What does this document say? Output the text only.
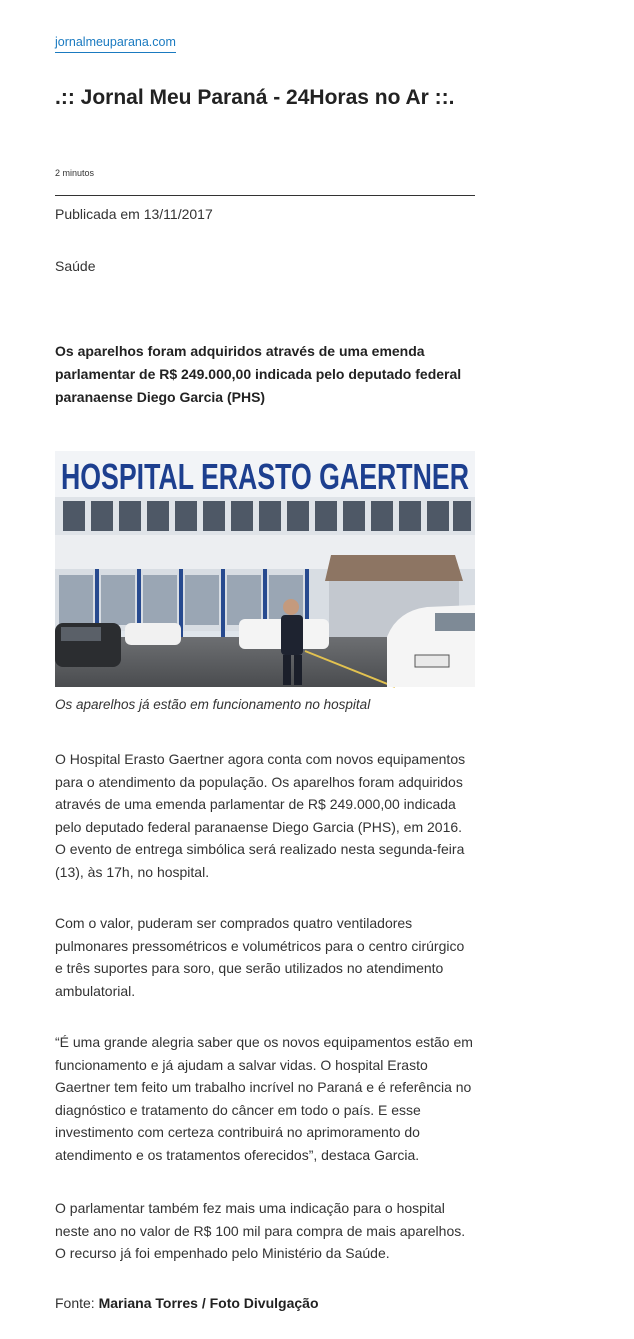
jornalmeuparana.com
.:: Jornal Meu Paraná - 24Horas no Ar ::.
2 minutos
Publicada em 13/11/2017
Saúde

Os aparelhos foram adquiridos através de uma emenda parlamentar de R$ 249.000,00 indicada pelo deputado federal paranaense Diego Garcia (PHS)

HOSPITAL ERASTO GAERTNER
Os aparelhos já estão em funcionamento no hospital

O Hospital Erasto Gaertner agora conta com novos equipamentos para o atendimento da população. Os aparelhos foram adquiridos através de uma emenda parlamentar de R$ 249.000,00 indicada pelo deputado federal paranaense Diego Garcia (PHS), em 2016. O evento de entrega simbólica será realizado nesta segunda-feira (13), às 17h, no hospital.

Com o valor, puderam ser comprados quatro ventiladores pulmonares pressométricos e volumétricos para o centro cirúrgico e três suportes para soro, que serão utilizados no atendimento ambulatorial.

“É uma grande alegria saber que os novos equipamentos estão em funcionamento e já ajudam a salvar vidas. O hospital Erasto Gaertner tem feito um trabalho incrível no Paraná e é referência no diagnóstico e tratamento do câncer em todo o país. E esse investimento com certeza contribuirá no aprimoramento do atendimento e os tratamentos oferecidos”, destaca Garcia.

O parlamentar também fez mais uma indicação para o hospital neste ano no valor de R$ 100 mil para compra de mais aparelhos. O recurso já foi empenhado pelo Ministério da Saúde.

Fonte: Mariana Torres / Foto Divulgação
